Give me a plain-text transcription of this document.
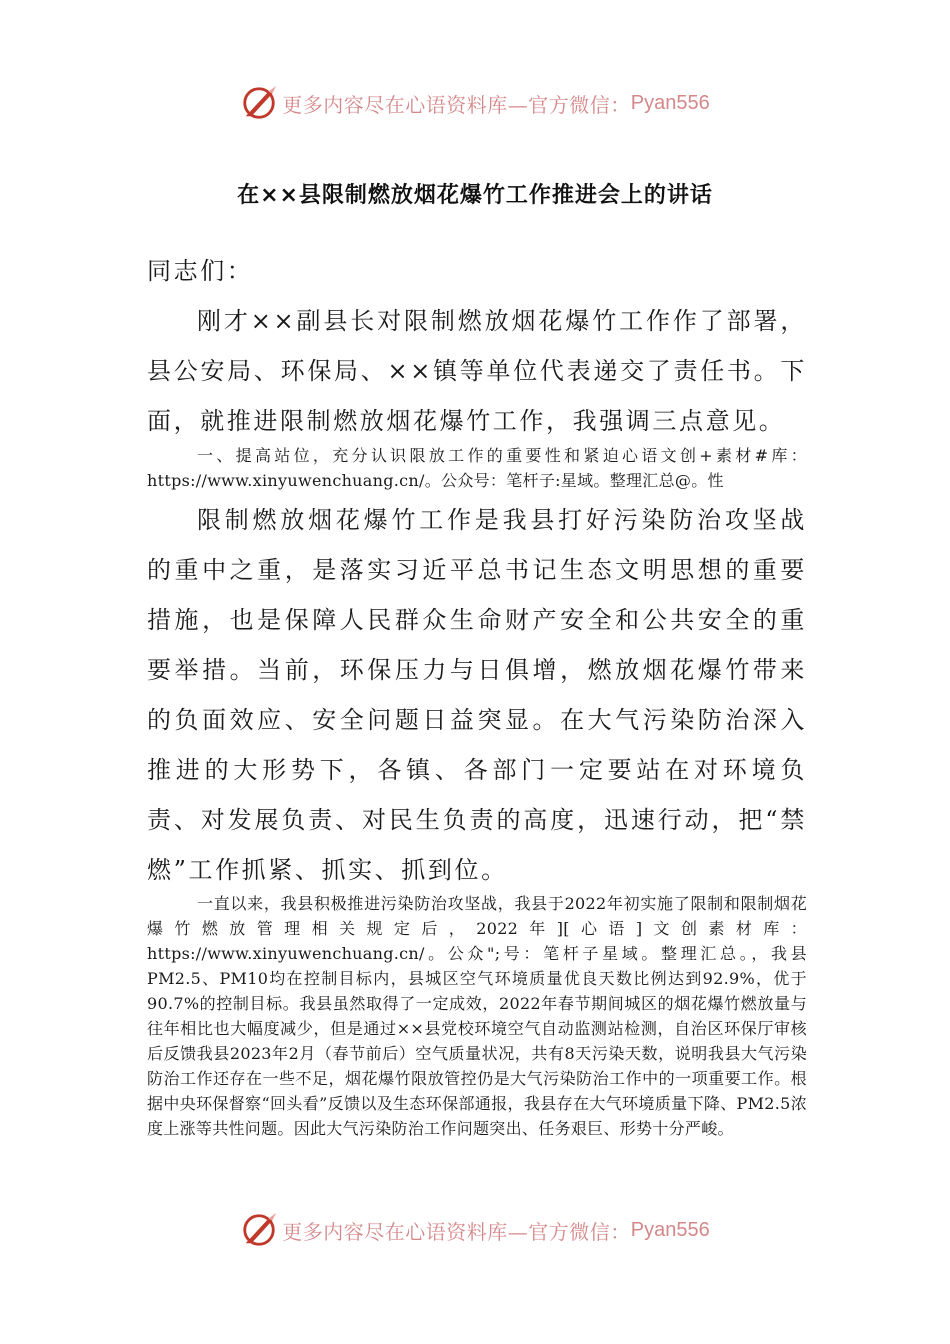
更多内容尽在心语资料库—官方微信： Pyan556
在××县限制燃放烟花爆竹工作推进会上的讲话

同志们：

刚才××副县长对限制燃放烟花爆竹工作作了部署，县公安局、环保局、××镇等单位代表递交了责任书。下面，就推进限制燃放烟花爆竹工作，我强调三点意见。

一、提高站位，充分认识限放工作的重要性和紧迫心语文创+素材#库：https://www.xinyuwenchuang.cn/。公众号：笔杆子:星域。整理汇总@。性

限制燃放烟花爆竹工作是我县打好污染防治攻坚战的重中之重，是落实习近平总书记生态文明思想的重要措施，也是保障人民群众生命财产安全和公共安全的重要举措。当前，环保压力与日俱增，燃放烟花爆竹带来的负面效应、安全问题日益突显。在大气污染防治深入推进的大形势下，各镇、各部门一定要站在对环境负责、对发展负责、对民生负责的高度，迅速行动，把“禁燃”工作抓紧、抓实、抓到位。

一直以来，我县积极推进污染防治攻坚战，我县于2022年初实施了限制和限制烟花爆竹燃放管理相关规定后，2022年][心语]文创素材库：https://www.xinyuwenchuang.cn/。公众";号：笔杆子星域。整理汇总。，我县PM2.5、PM10均在控制目标内，县城区空气环境质量优良天数比例达到92.9%，优于90.7%的控制目标。我县虽然取得了一定成效，2022年春节期间城区的烟花爆竹燃放量与往年相比也大幅度减少，但是通过××县党校环境空气自动监测站检测，自治区环保厅审核后反馈我县2023年2月（春节前后）空气质量状况，共有8天污染天数，说明我县大气污染防治工作还存在一些不足，烟花爆竹限放管控仍是大气污染防治工作中的一项重要工作。根据中央环保督察“回头看”反馈以及生态环保部通报，我县存在大气环境质量下降、PM2.5浓度上涨等共性问题。因此大气污染防治工作问题突出、任务艰巨、形势十分严峻。

更多内容尽在心语资料库—官方微信： Pyan556
